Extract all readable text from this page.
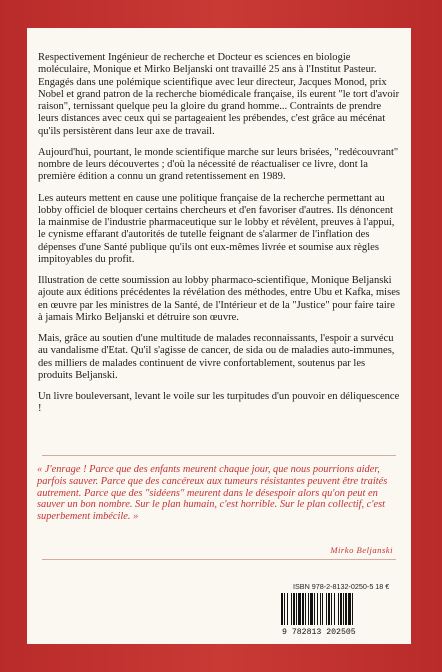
Respectivement Ingénieur de recherche et Docteur es sciences en biologie moléculaire, Monique et Mirko Beljanski ont travaillé 25 ans à l'Institut Pasteur. Engagés dans une polémique scientifique avec leur directeur, Jacques Monod, prix Nobel et grand patron de la recherche biomédicale française, ils eurent "le tort d'avoir raison", ternissant quelque peu la gloire du grand homme... Contraints de prendre leurs distances avec ceux qui se partageaient les prébendes, c'est grâce au mécénat qu'ils persistèrent dans leur axe de travail.

Aujourd'hui, pourtant, le monde scientifique marche sur leurs brisées, "redécouvrant" nombre de leurs découvertes ; d'où la nécessité de réactualiser ce livre, dont la première édition a connu un grand retentissement en 1989.

Les auteurs mettent en cause une politique française de la recherche permettant au lobby officiel de bloquer certains chercheurs et d'en favoriser d'autres. Ils dénoncent la mainmise de l'industrie pharmaceutique sur le lobby et révèlent, preuves à l'appui, le cynisme effarant d'autorités de tutelle feignant de s'alarmer de l'inflation des dépenses d'une Santé publique qu'ils ont eux-mêmes livrée et soumise aux règles impitoyables du profit.

Illustration de cette soumission au lobby pharmaco-scientifique, Monique Beljanski ajoute aux éditions précédentes la révélation des méthodes, entre Ubu et Kafka, mises en œuvre par les ministres de la Santé, de l'Intérieur et de la "Justice" pour faire taire à jamais Mirko Beljanski et détruire son œuvre.

Mais, grâce au soutien d'une multitude de malades reconnaissants, l'espoir a survécu au vandalisme d'Etat. Qu'il s'agisse de cancer, de sida ou de maladies auto-immunes, des milliers de malades continuent de vivre confortablement, soutenus par les produits Beljanski.

Un livre bouleversant, levant le voile sur les turpitudes d'un pouvoir en déliquescence !

« J'enrage ! Parce que des enfants meurent chaque jour, que nous pourrions aider, parfois sauver. Parce que des cancéreux aux tumeurs résistantes peuvent être traités autrement. Parce que des "sidéens" meurent dans le désespoir alors qu'on peut en sauver un bon nombre. Sur le plan humain, c'est horrible. Sur le plan collectif, c'est superbement imbécile. »
Mirko Beljanski
ISBN 978-2-8132-0250-5 18 €
9 782813 202505
